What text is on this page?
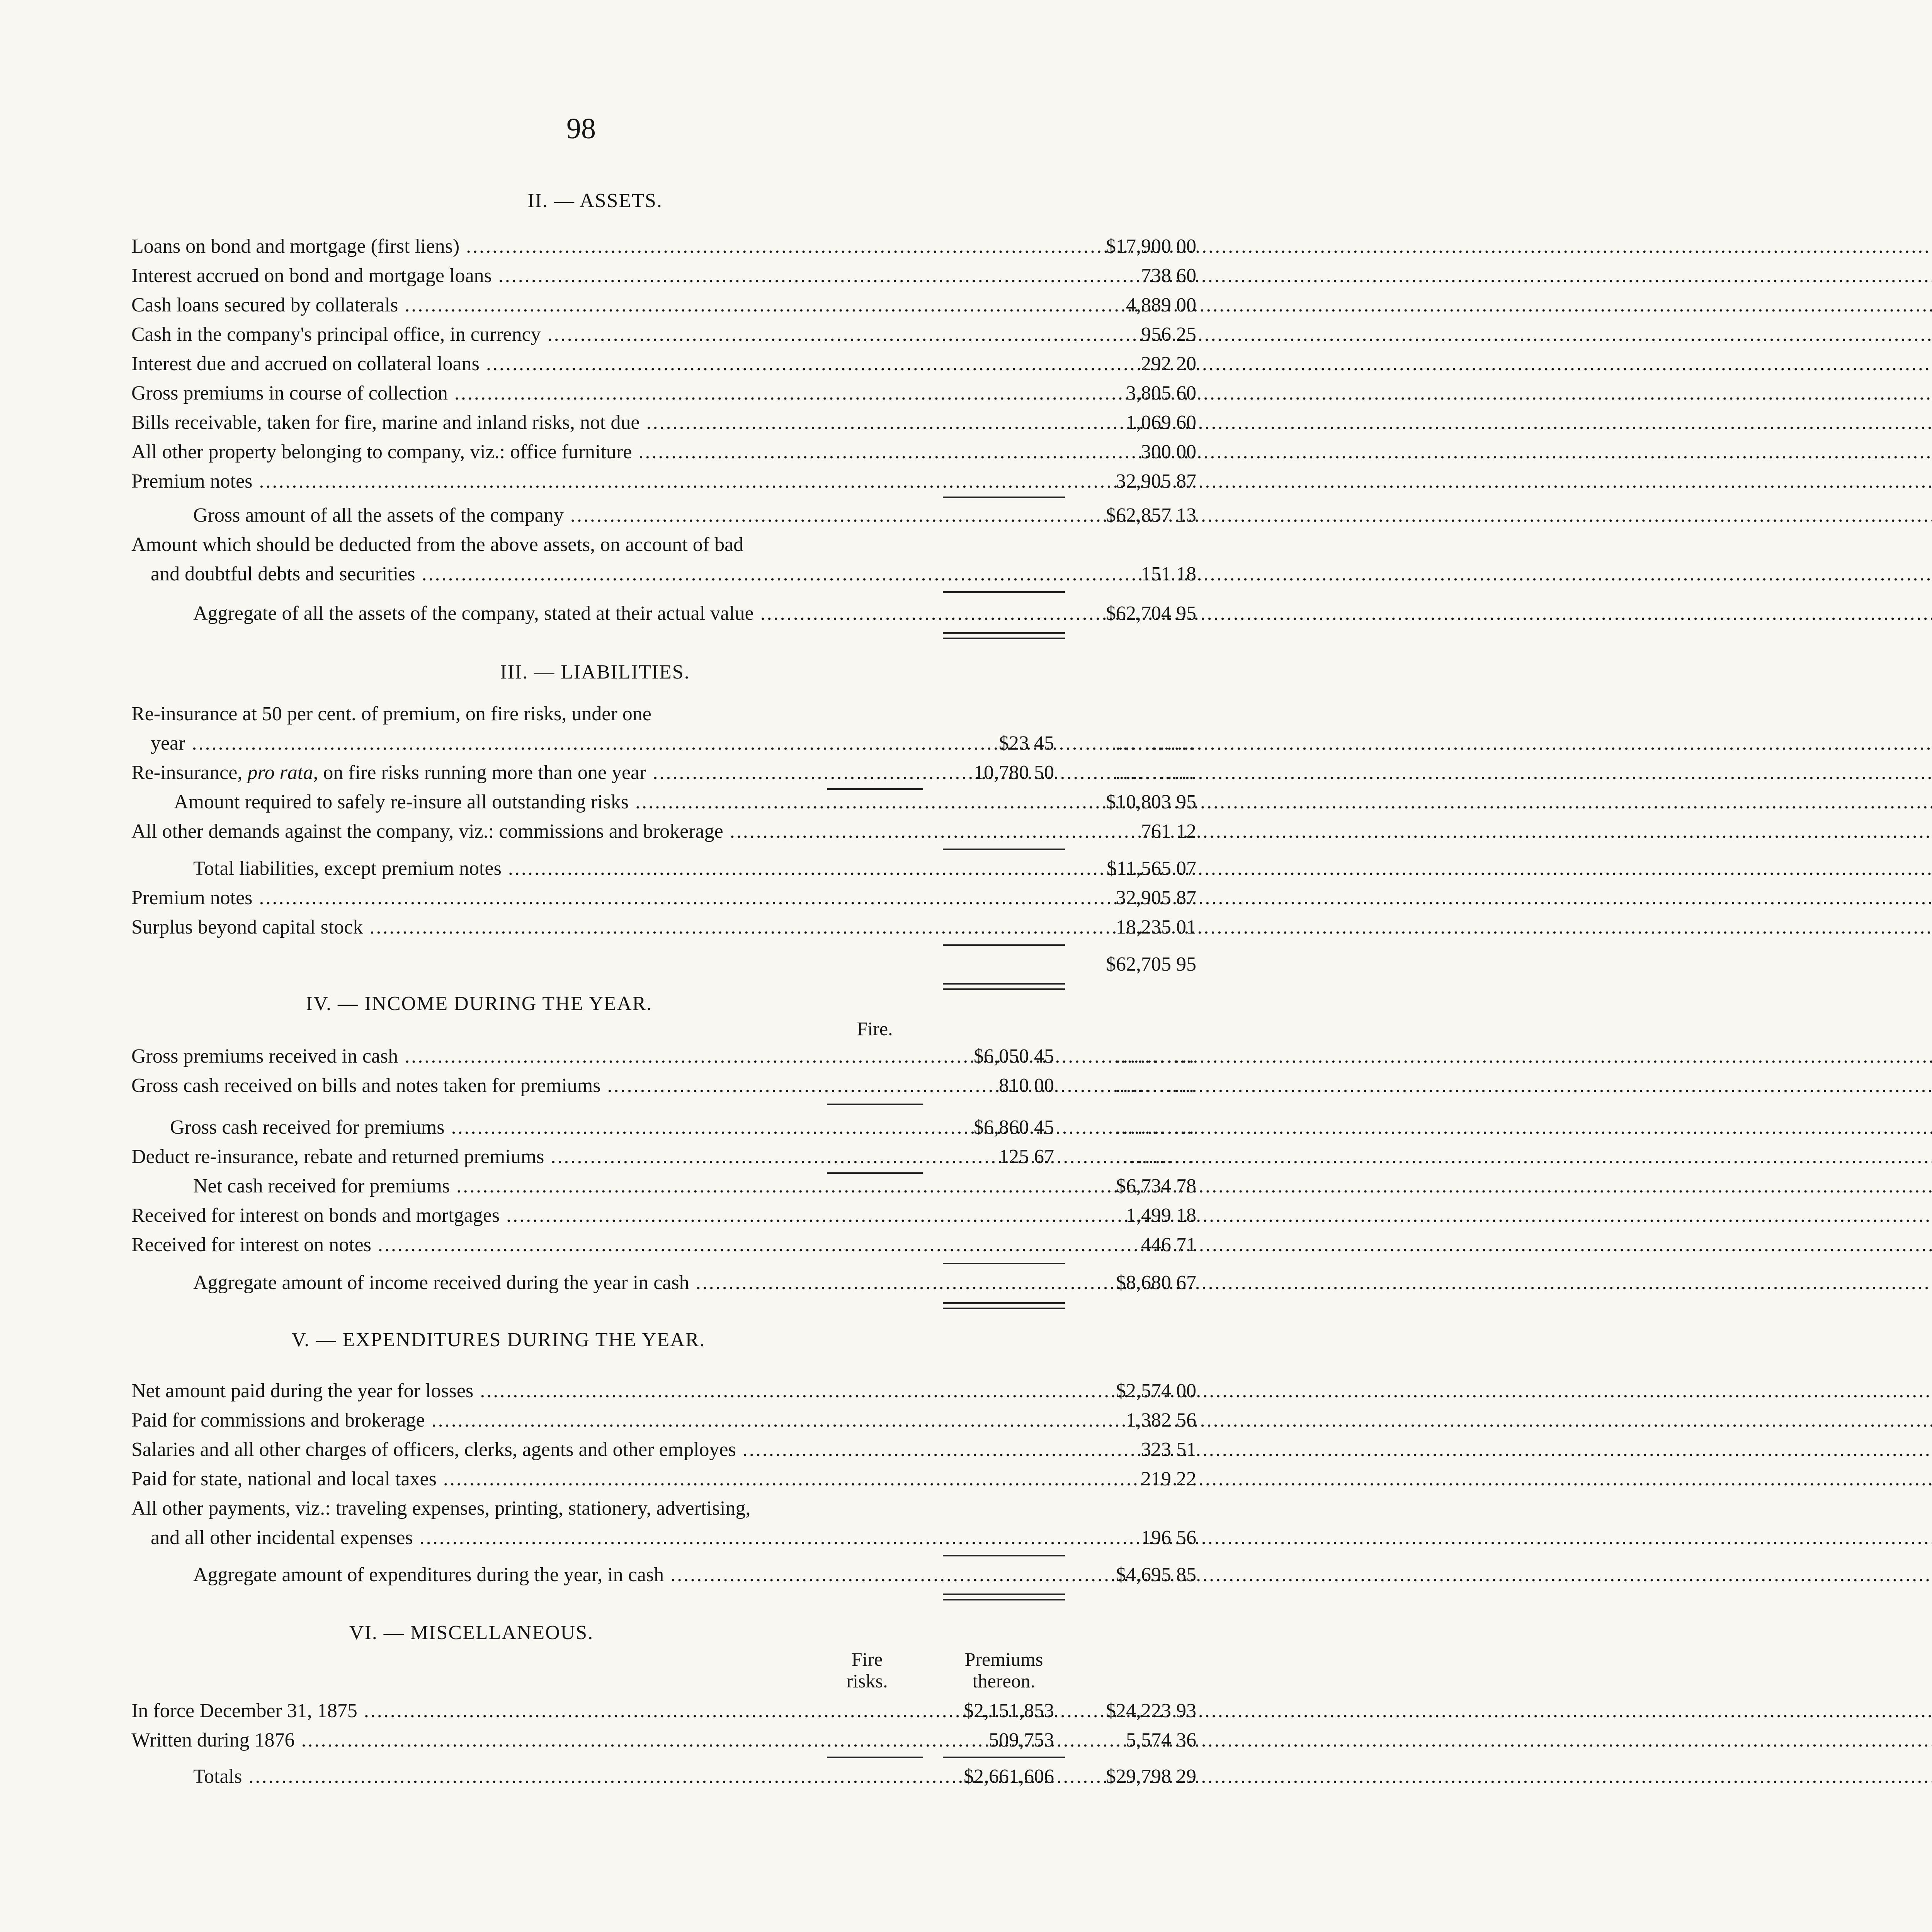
98
II. — ASSETS.
Loans on bond and mortgage (first liens) .....	$17,900 00
Interest accrued on bond and mortgage loans .....	738 60
Cash loans secured by collaterals .....	4,889 00
Cash in the company's principal office, in currency .....	956 25
Interest due and accrued on collateral loans .....	292 20
Gross premiums in course of collection .....	3,805 60
Bills receivable, taken for fire, marine and inland risks, not due .....	1,069 60
All other property belonging to company, viz.: office furniture .....	300 00
Premium notes .....	32,905 87
Gross amount of all the assets of the company .....	$62,857 13
Amount which should be deducted from the above assets, on account of bad
and doubtful debts and securities .....	151 18
Aggregate of all the assets of the company, stated at their actual value .....	$62,704 95
III. — LIABILITIES.
Re-insurance at 50 per cent. of premium, on fire risks, under one
year .....	$23 45	...........
Re-insurance, pro rata, on fire risks running more than one year .....	10,780 50	...........
Amount required to safely re-insure all outstanding risks .....	$10,803 95
All other demands against the company, viz.: commissions and brokerage .....	761 12
Total liabilities, except premium notes .....	$11,565 07
Premium notes .....	32,905 87
Surplus beyond capital stock .....	18,235 01
$62,705 95
IV. — INCOME DURING THE YEAR.
Fire.
Gross premiums received in cash .....	$6,050 45	...........
Gross cash received on bills and notes taken for premiums .....	810 00	...........
Gross cash received for premiums .....	$6,860 45	...........
Deduct re-insurance, rebate and returned premiums .....	125 67	...........
Net cash received for premiums .....	$6,734 78
Received for interest on bonds and mortgages .....	1,499 18
Received for interest on notes .....	446 71
Aggregate amount of income received during the year in cash .....	$8,680 67
V. — EXPENDITURES DURING THE YEAR.
Net amount paid during the year for losses .....	$2,574 00
Paid for commissions and brokerage .....	1,382 56
Salaries and all other charges of officers, clerks, agents and other employes .....	323 51
Paid for state, national and local taxes .....	219 22
All other payments, viz.: traveling expenses, printing, stationery, advertising,
and all other incidental expenses .....	196 56
Aggregate amount of expenditures during the year, in cash .....	$4,695 85
VI. — MISCELLANEOUS.
Fire
risks.
Premiums
thereon.
In force December 31, 1875 .....	$2,151,853	$24,223 93
Written during 1876 .....	509,753	5,574 36
Totals .....	$2,661,606	$29,798 29
